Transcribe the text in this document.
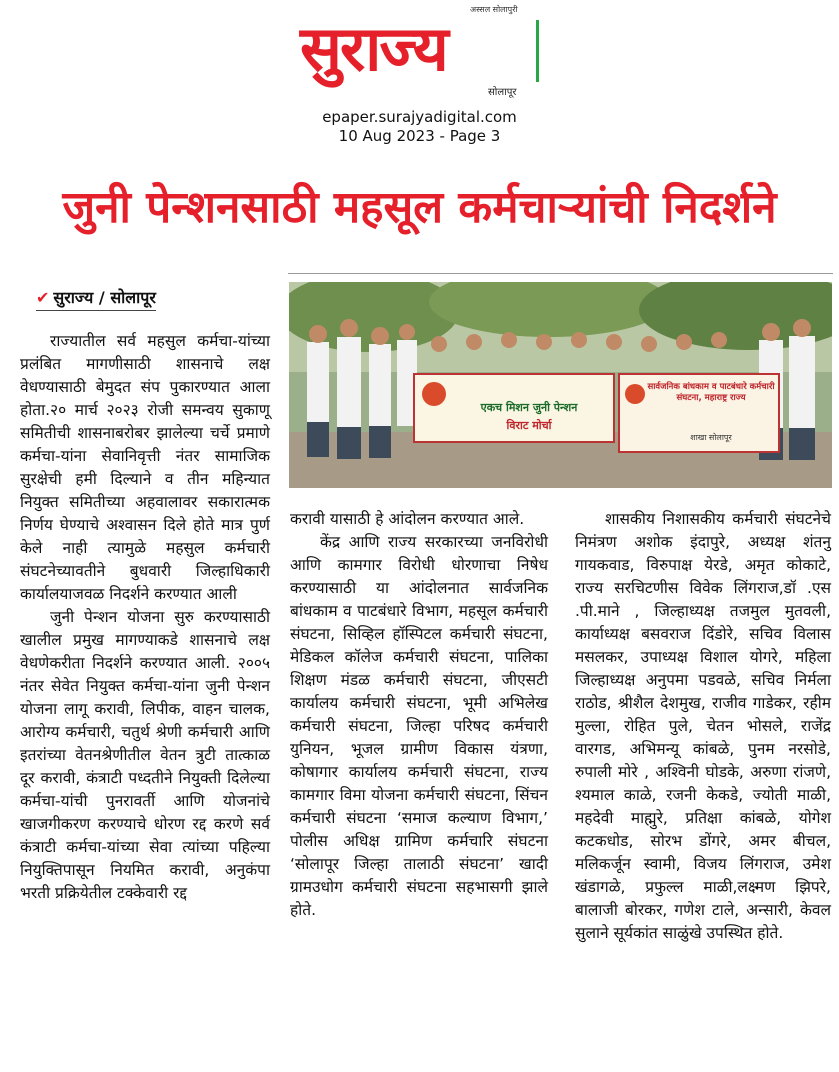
अस्सल सोलापुरी
सुराज्य
सोलापूर
epaper.surajyadigital.com
10 Aug 2023 - Page 3
जुनी पेन्शनसाठी महसूल कर्मचाऱ्यांची निदर्शने
✔ सुराज्य / सोलापूर
एकच मिशन जुनी पेन्शन
विराट मोर्चा
सार्वजनिक बांधकाम व पाटबंधारे कर्मचारी संघटना, महाराष्ट्र राज्य
शाखा सोलापूर

राज्यातील सर्व महसुल कर्मचा-यांच्या प्रलंबित मागणीसाठी शासनाचे लक्ष वेधण्यासाठी बेमुदत संप पुकारण्यात आला होता.२० मार्च २०२३ रोजी समन्वय सुकाणू समितीची शासनाबरोबर झालेल्या चर्चे प्रमाणे कर्मचा-यांना सेवानिवृत्ती नंतर सामाजिक सुरक्षेची हमी दिल्याने व तीन महिन्यात नियुक्त समितीच्या अहवालावर सकारात्मक निर्णय घेण्याचे अश्वासन दिले होते मात्र पुर्ण केले नाही त्यामुळे महसुल कर्मचारी संघटनेच्यावतीने बुधवारी जिल्हाधिकारी कार्यालयाजवळ निदर्शने करण्यात आली

जुनी पेन्शन योजना सुरु करण्यासाठी खालील प्रमुख मागण्याकडे शासनाचे लक्ष वेधणेकरीता निदर्शने करण्यात आली. २००५ नंतर सेवेत नियुक्त कर्मचा-यांना जुनी पेन्शन योजना लागू करावी, लिपीक, वाहन चालक, आरोग्य कर्मचारी, चतुर्थ श्रेणी कर्मचारी आणि इतरांच्या वेतनश्रेणीतील वेतन त्रुटी तात्काळ दूर करावी, कंत्राटी पध्दतीने नियुक्ती दिलेल्या कर्मचा-यांची पुनरावर्ती आणि योजनांचे खाजगीकरण करण्याचे धोरण रद्द करणे सर्व कंत्राटी कर्मचा-यांच्या सेवा त्यांच्या पहिल्या नियुक्तिपासून नियमित करावी, अनुकंपा भरती प्रक्रियेतील टक्केवारी रद्द

करावी यासाठी हे आंदोलन करण्यात आले.

केंद्र आणि राज्य सरकारच्या जनविरोधी आणि कामगार विरोधी धोरणाचा निषेध करण्यासाठी या आंदोलनात सार्वजनिक बांधकाम व पाटबंधारे विभाग, महसूल कर्मचारी संघटना, सिव्हिल हॉस्पिटल कर्मचारी संघटना, मेडिकल कॉलेज कर्मचारी संघटना, पालिका शिक्षण मंडळ कर्मचारी संघटना, जीएसटी कार्यालय कर्मचारी संघटना, भूमी अभिलेख कर्मचारी संघटना, जिल्हा परिषद कर्मचारी युनियन, भूजल ग्रामीण विकास यंत्रणा, कोषागार कार्यालय कर्मचारी संघटना, राज्य कामगार विमा योजना कर्मचारी संघटना, सिंचन कर्मचारी संघटना ‘समाज कल्याण विभाग,’ पोलीस अधिक्ष ग्रामिण कर्मचारि संघटना ‘सोलापूर जिल्हा तालाठी संघटना’ खादी ग्रामउधोग कर्मचारी संघटना सहभासगी झाले होते.

शासकीय निशासकीय कर्मचारी संघटनेचे निमंत्रण अशोक इंदापुरे, अध्यक्ष शंतनु गायकवाड, विरुपाक्ष येरडे, अमृत कोकाटे, राज्य सरचिटणीस विवेक लिंगराज,डॉ .एस .पी.माने , जिल्हाध्यक्ष तजमुल मुतवली, कार्याध्यक्ष बसवराज दिंडोरे, सचिव विलास मसलकर, उपाध्यक्ष विशाल योगरे, महिला जिल्हाध्यक्ष अनुपमा पडवळे, सचिव निर्मला राठोड, श्रीशैल देशमुख, राजीव गाडेकर, रहीम मुल्ला, रोहित पुले, चेतन भोसले, राजेंद्र वारगड, अभिमन्यू कांबळे, पुनम नरसोडे, रुपाली मोरे , अश्विनी घोडके, अरुणा रांजणे, श्यमाल काळे, रजनी केकडे, ज्योती माळी, महदेवी माह्मुरे, प्रतिक्षा कांबळे, योगेश कटकधोड, सोरभ डोंगरे, अमर बीचल, मलिकर्जून स्वामी, विजय लिंगराज, उमेश खंडागळे, प्रफुल्ल माळी,लक्ष्मण झिपरे, बालाजी बोरकर, गणेश टाले, अन्सारी, केवल सुलाने सूर्यकांत साळुंखे उपस्थित होते.
